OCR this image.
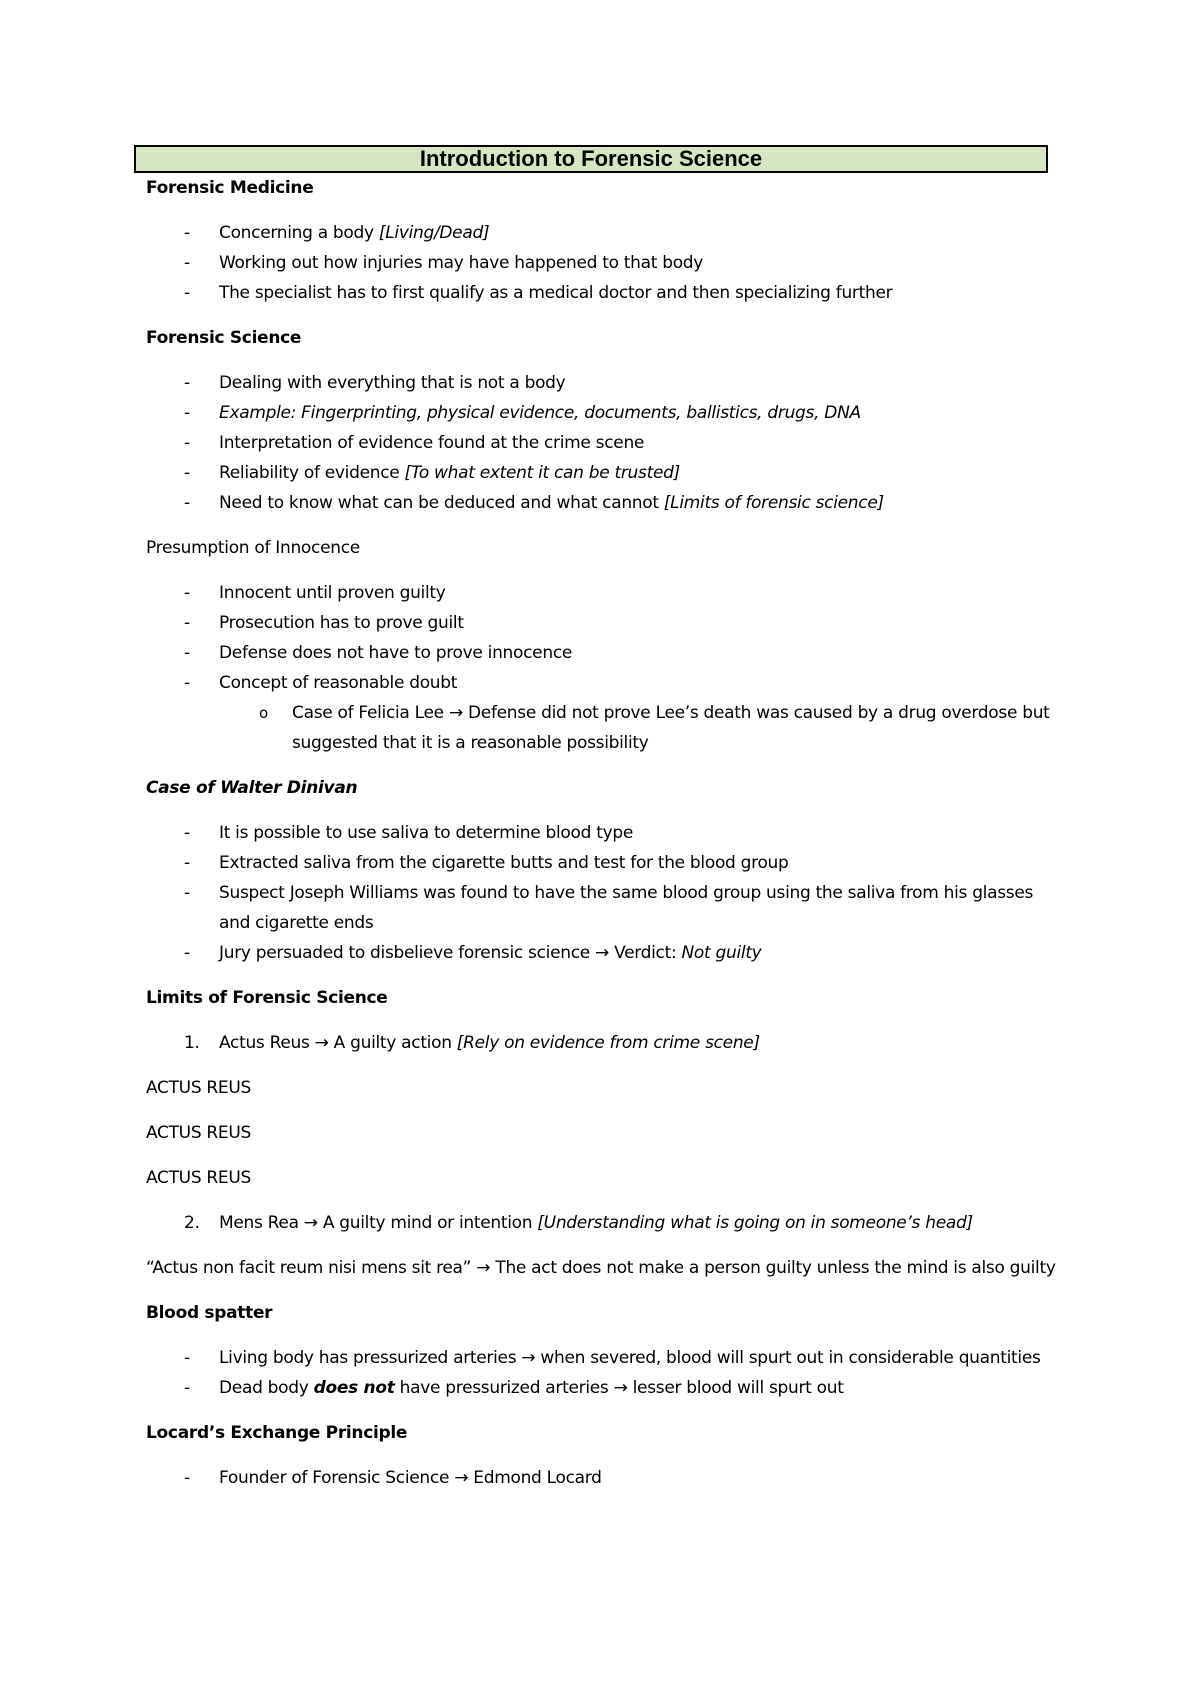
Introduction to Forensic Science
Forensic Medicine
- Concerning a body [Living/Dead]
- Working out how injuries may have happened to that body
- The specialist has to first qualify as a medical doctor and then specializing further
Forensic Science
- Dealing with everything that is not a body
- Example: Fingerprinting, physical evidence, documents, ballistics, drugs, DNA
- Interpretation of evidence found at the crime scene
- Reliability of evidence [To what extent it can be trusted]
- Need to know what can be deduced and what cannot [Limits of forensic science]
Presumption of Innocence
- Innocent until proven guilty
- Prosecution has to prove guilt
- Defense does not have to prove innocence
- Concept of reasonable doubt
o Case of Felicia Lee → Defense did not prove Lee’s death was caused by a drug overdose but suggested that it is a reasonable possibility
Case of Walter Dinivan
- It is possible to use saliva to determine blood type
- Extracted saliva from the cigarette butts and test for the blood group
- Suspect Joseph Williams was found to have the same blood group using the saliva from his glasses and cigarette ends
- Jury persuaded to disbelieve forensic science → Verdict: Not guilty
Limits of Forensic Science
1. Actus Reus → A guilty action [Rely on evidence from crime scene]
ACTUS REUS
ACTUS REUS
ACTUS REUS
2. Mens Rea → A guilty mind or intention [Understanding what is going on in someone’s head]
“Actus non facit reum nisi mens sit rea” → The act does not make a person guilty unless the mind is also guilty
Blood spatter
- Living body has pressurized arteries → when severed, blood will spurt out in considerable quantities
- Dead body does not have pressurized arteries → lesser blood will spurt out
Locard’s Exchange Principle
- Founder of Forensic Science → Edmond Locard
